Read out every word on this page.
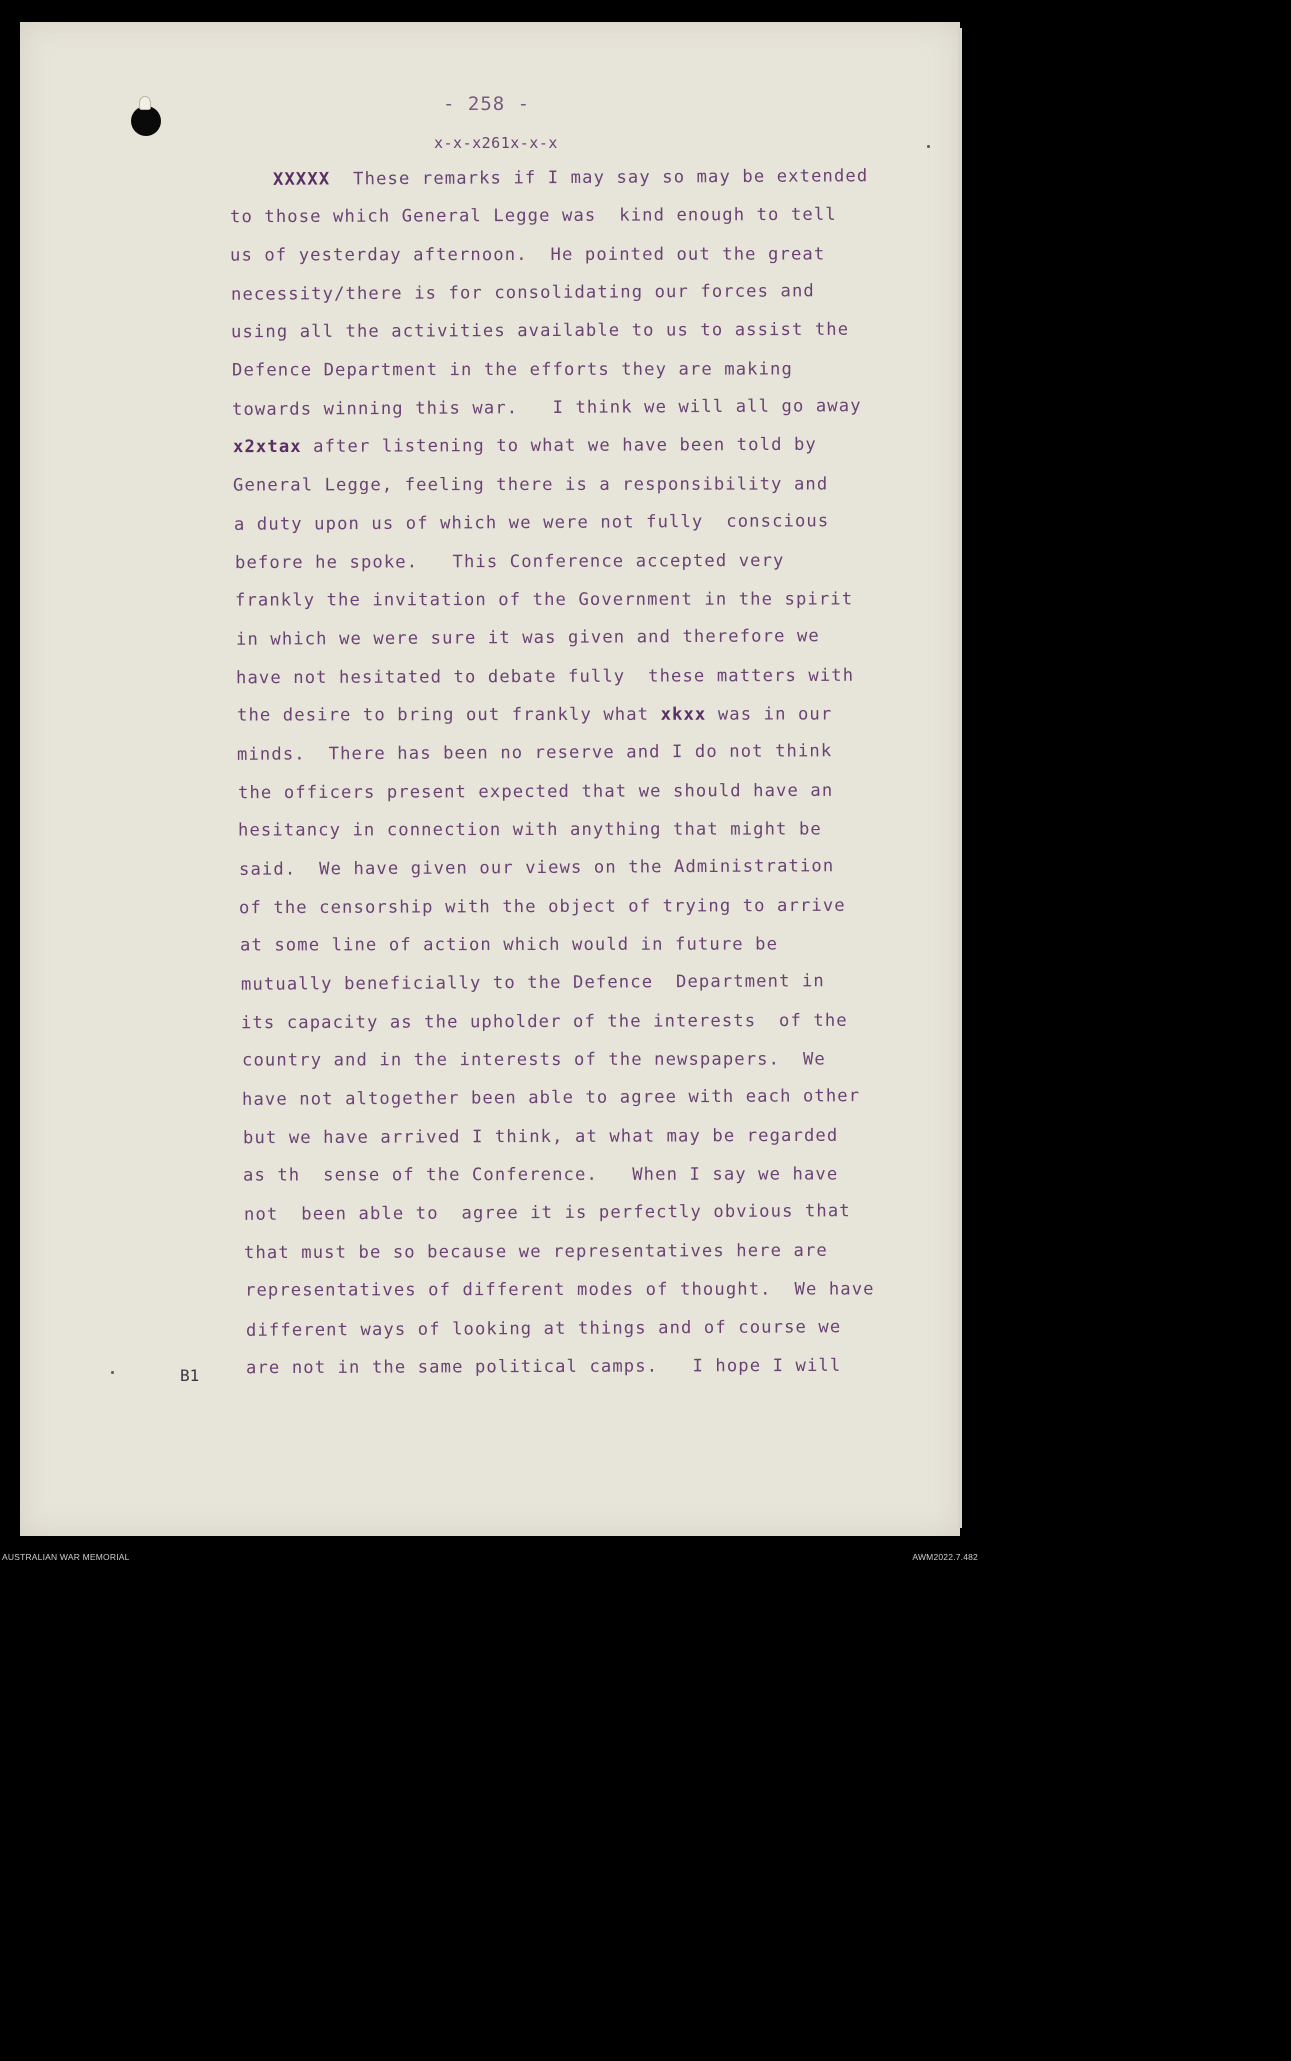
- 258 -
x-x-x261x-x-x
XXXXX  These remarks if I may say so may be extended
to those which General Legge was  kind enough to tell
us of yesterday afternoon.  He pointed out the great
necessity/there is for consolidating our forces and
using all the activities available to us to assist the
Defence Department in the efforts they are making
towards winning this war.   I think we will all go away
x2xtax after listening to what we have been told by
General Legge, feeling there is a responsibility and
a duty upon us of which we were not fully  conscious
before he spoke.   This Conference accepted very
frankly the invitation of the Government in the spirit
in which we were sure it was given and therefore we
have not hesitated to debate fully  these matters with
the desire to bring out frankly what xkxx was in our
minds.  There has been no reserve and I do not think
the officers present expected that we should have an
hesitancy in connection with anything that might be
said.  We have given our views on the Administration
of the censorship with the object of trying to arrive
at some line of action which would in future be
mutually beneficially to the Defence  Department in
its capacity as the upholder of the interests  of the
country and in the interests of the newspapers.  We
have not altogether been able to agree with each other
but we have arrived I think, at what may be regarded
as th  sense of the Conference.   When I say we have
not  been able to  agree it is perfectly obvious that
that must be so because we representatives here are
representatives of different modes of thought.  We have
different ways of looking at things and of course we
are not in the same political camps.   I hope I will
B1
AUSTRALIAN WAR MEMORIAL	AWM2022.7.482
